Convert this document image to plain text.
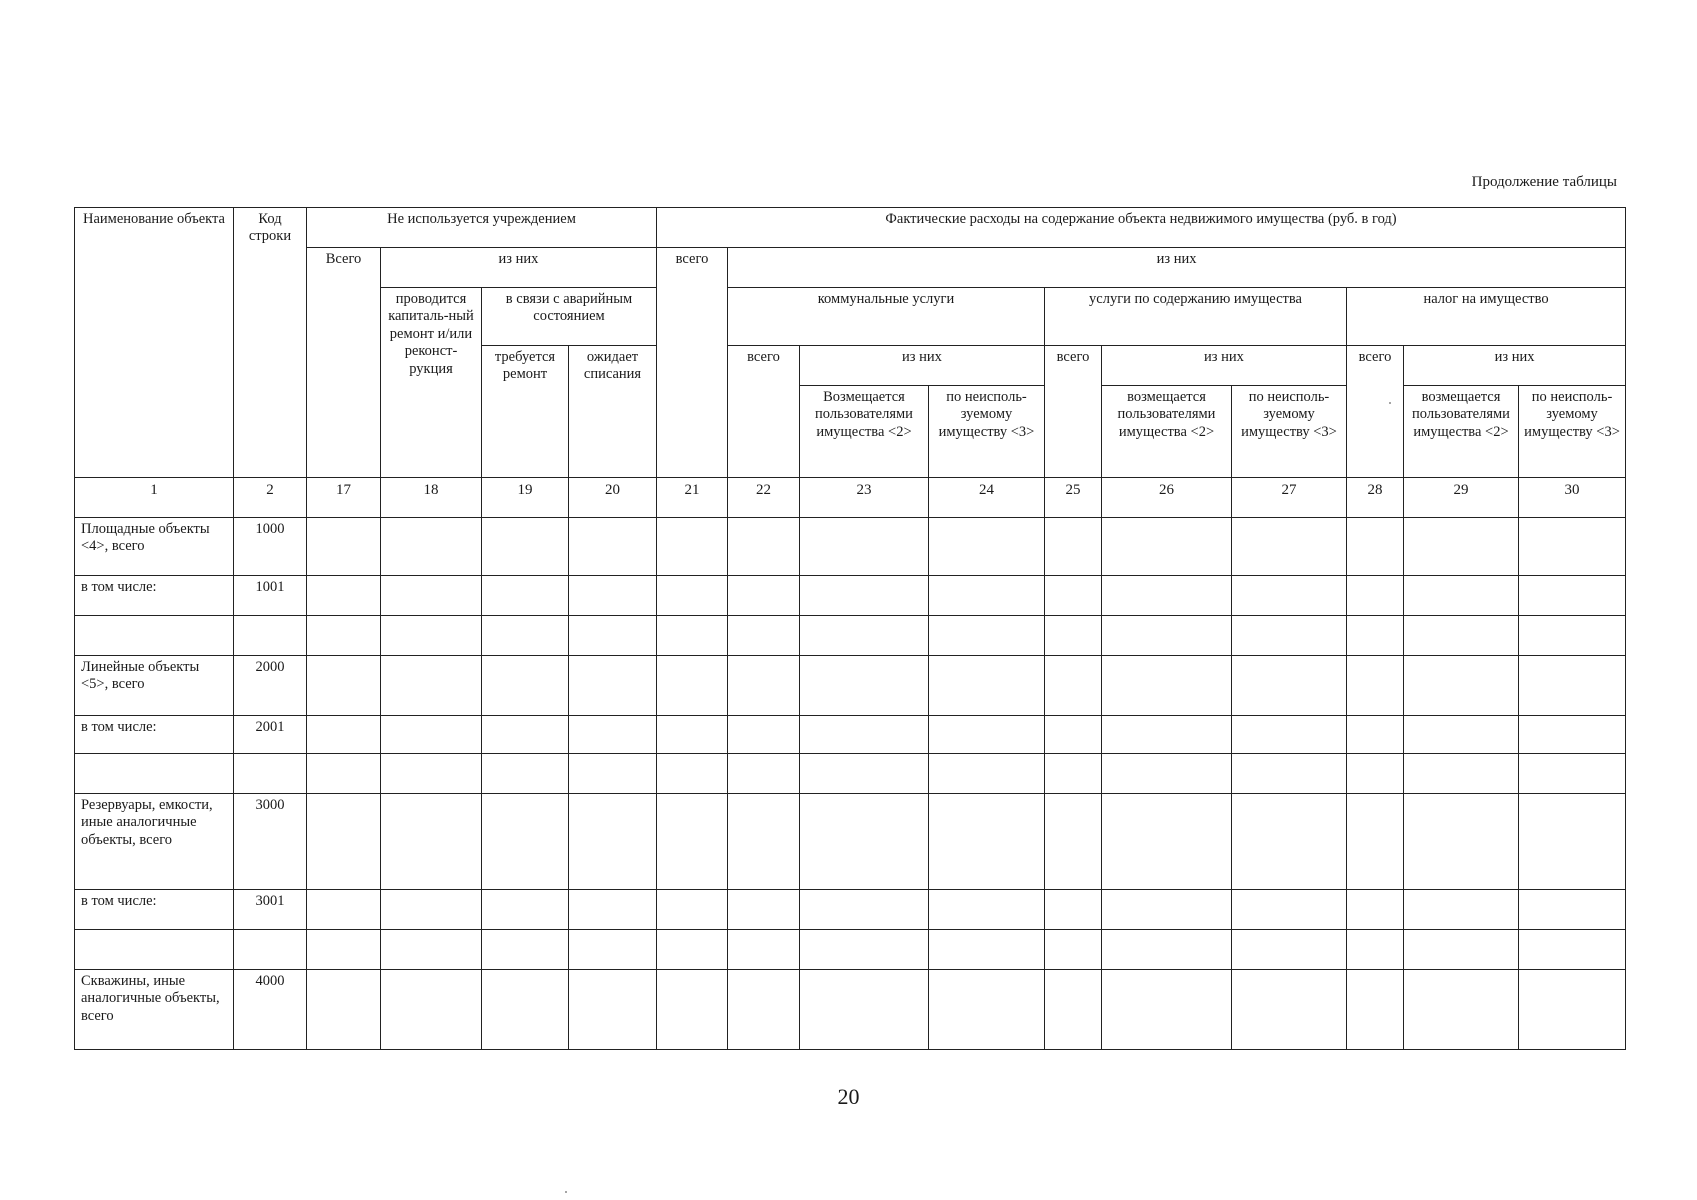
Продолжение таблицы
Наименование объекта	Код строки	Не используется учреждением				Фактические расходы на содержание объекта недвижимого имущества (руб. в год)									
		Всего	из них			всего	из них								
			проводится капиталь-ный ремонт и/или реконст-рукция	в связи с аварийным состоянием			коммунальные услуги			услуги по содержанию имущества			налог на имущество		
				требуется ремонт	ожидает списания		всего	из них		всего	из них		всего	из них	
								Возмещается пользователями имущества <2>	по неисполь-зуемому имуществу <3>		возмещается пользователями имущества <2>	по неисполь-зуемому имуществу <3>		возмещается пользователями имущества <2>	по неисполь-зуемому имуществу <3>
1	2	17	18	19	20	21	22	23	24	25	26	27	28	29	30
Площадные объекты <4>, всего	1000														
в том числе:	1001														

Линейные объекты <5>, всего	2000														
в том числе:	2001														

Резервуары, емкости, иные аналогичные объекты, всего	3000														
в том числе:	3001														

Скважины, иные аналогичные объекты, всего	4000														
20
